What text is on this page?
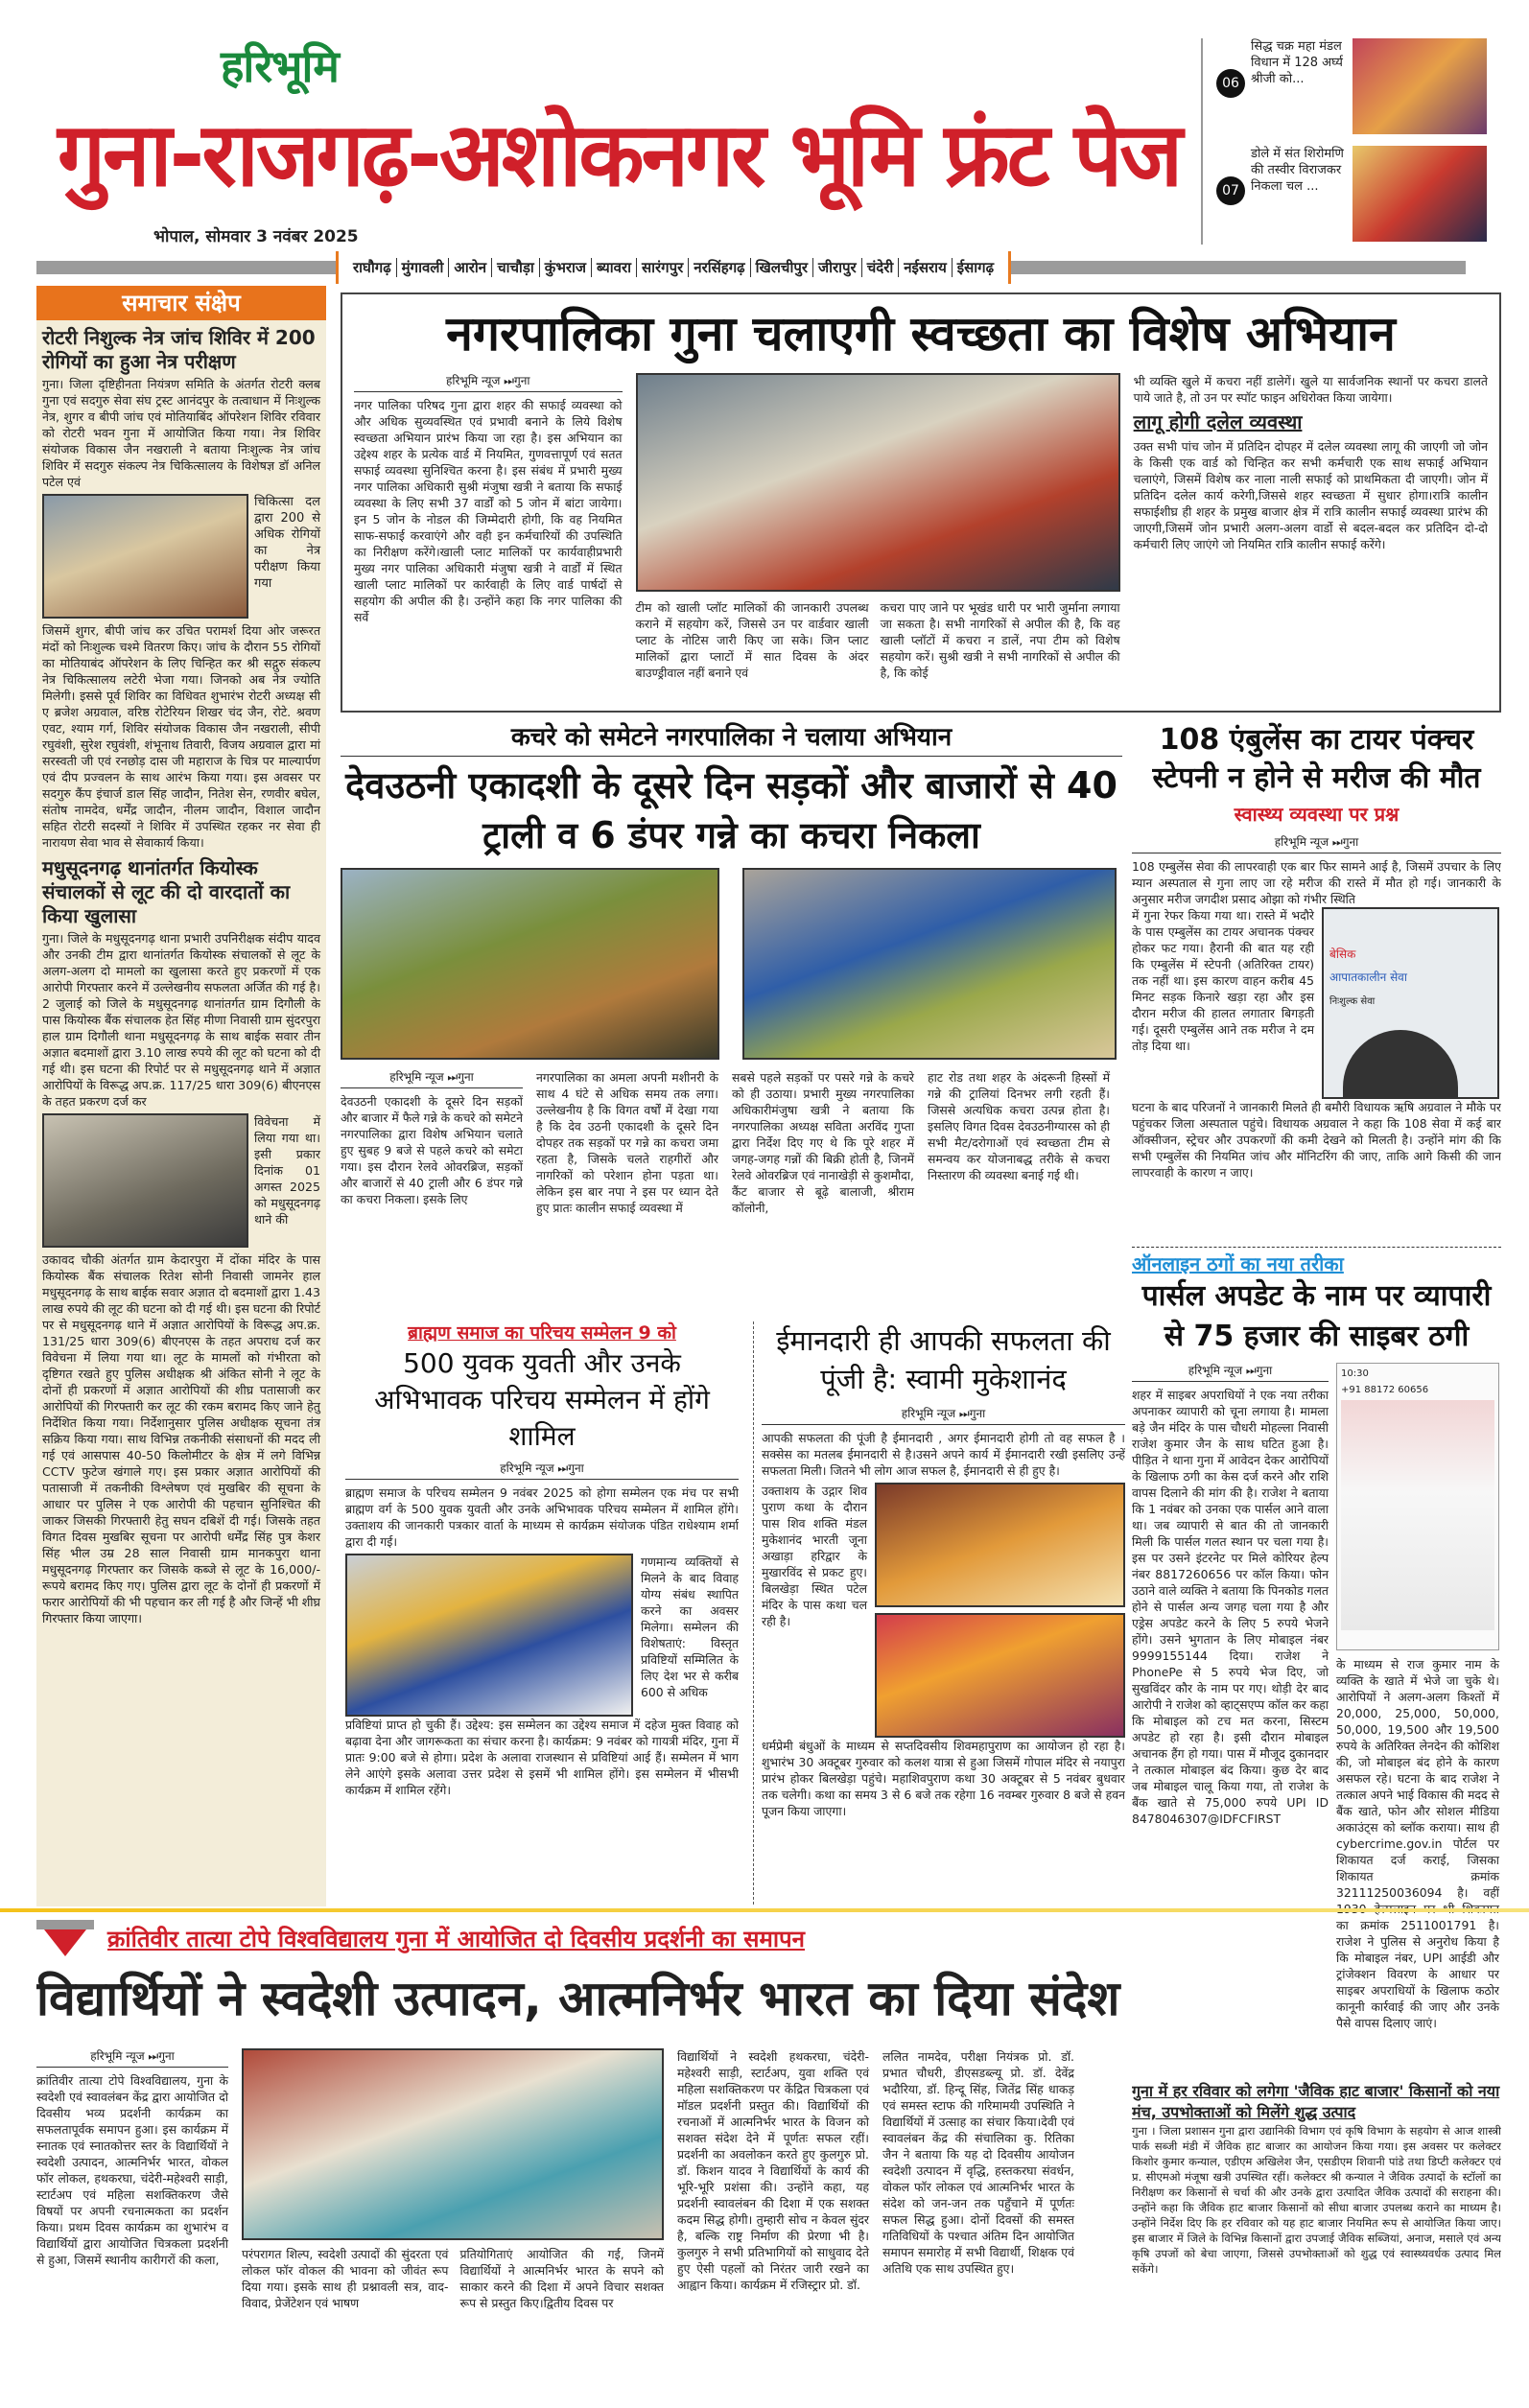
हरिभूमि
गुना-राजगढ़-अशोकनगर भूमि फ्रंट पेज
भोपाल, सोमवार 3 नवंबर 2025
06
सिद्ध चक्र महा मंडल विधान में 128 अर्घ्य श्रीजी को...
07
डोले में संत शिरोमणि की तस्वीर विराजकर निकला चल ...
राघौगढ़ मुंगावली आरोन चाचौड़ा कुंभराज ब्यावरा सारंगपुर नरसिंहगढ़ खिलचीपुर जीरापुर चंदेरी नईसराय ईसागढ़
समाचार संक्षेप
रोटरी निशुल्क नेत्र जांच शिविर में 200 रोगियों का हुआ नेत्र परीक्षण
गुना। जिला दृष्टिहीनता नियंत्रण समिति के अंतर्गत रोटरी क्लब गुना एवं सदगुरु सेवा संघ ट्रस्ट आनंदपुर के तत्वाधान में निःशुल्क नेत्र, शुगर व बीपी जांच एवं मोतियाबिंद ऑपरेशन शिविर रविवार को रोटरी भवन गुना में आयोजित किया गया। नेत्र शिविर संयोजक विकास जैन नखराली ने बताया निःशुल्क नेत्र जांच शिविर में सदगुरु संकल्प नेत्र चिकित्सालय के विशेषज्ञ डॉ अनिल पटेल एवं
चिकित्सा दल द्वारा 200 से अधिक रोगियों का नेत्र परीक्षण किया गया
जिसमें शुगर, बीपी जांच कर उचित परामर्श दिया ओर जरूरत मंदों को निःशुल्क चश्मे वितरण किए। जांच के दौरान 55 रोगियों का मोतियाबंद ऑपरेशन के लिए चिन्हित कर श्री सद्गुरु संकल्प नेत्र चिकित्सालय लटेरी भेजा गया। जिनको अब नेत्र ज्योति मिलेगी। इससे पूर्व शिविर का विधिवत शुभारंभ रोटरी अध्यक्ष सी ए ब्रजेश अग्रवाल, वरिष्ठ रोटेरियन शिखर चंद जैन, रोटे. श्रवण एवट, श्याम गर्ग, शिविर संयोजक विकास जैन नखराली, सीपी रघुवंशी, सुरेश रघुवंशी, शंभूनाथ तिवारी, विजय अग्रवाल द्वारा मां सरस्वती जी एवं रनछोड़ दास जी महाराज के चित्र पर माल्यार्पण एवं दीप प्रज्वलन के साथ आरंभ किया गया। इस अवसर पर सदगुरु कैंप इंचार्ज डाल सिंह जादौन, नितेश सेन, रणवीर बघेल, संतोष नामदेव, धर्मेंद्र जादौन, नीलम जादौन, विशाल जादौन सहित रोटरी सदस्यों ने शिविर में उपस्थित रहकर नर सेवा ही नारायण सेवा भाव से सेवाकार्य किया।
मधुसूदनगढ़ थानांतर्गत कियोस्क संचालकों से लूट की दो वारदातों का किया खुलासा
गुना। जिले के मधुसूदनगढ़ थाना प्रभारी उपनिरीक्षक संदीप यादव और उनकी टीम द्वारा थानांतर्गत कियोस्क संचालकों से लूट के अलग-अलग दो मामलो का खुलासा करते हुए प्रकरणों में एक आरोपी गिरफ्तार करने में उल्लेखनीय सफलता अर्जित की गई है। 2 जुलाई को जिले के मधुसूदनगढ़ थानांतर्गत ग्राम दिगौली के पास कियोस्क बैंक संचालक हेत सिंह मीणा निवासी ग्राम सुंदरपुरा हाल ग्राम दिगौली थाना मधुसूदनगढ़ के साथ बाईक सवार तीन अज्ञात बदमाशों द्वारा 3.10 लाख रुपये की लूट को घटना को दी गई थी। इस घटना की रिपोर्ट पर से मधुसूदनगढ़ थाने में अज्ञात आरोपियों के विरूद्ध अप.क्र. 117/25 धारा 309(6) बीएनएस के तहत प्रकरण दर्ज कर
विवेचना में लिया गया था। इसी प्रकार दिनांक 01 अगस्त 2025 को मधुसूदनगढ़ थाने की
उकावद चौकी अंतर्गत ग्राम केदारपुरा में दोंका मंदिर के पास कियोस्क बैंक संचालक रितेश सोनी निवासी जामनेर हाल मधुसूदनगढ़ के साथ बाईक सवार अज्ञात दो बदमाशों द्वारा 1.43 लाख रुपये की लूट की घटना को दी गई थी। इस घटना की रिपोर्ट पर से मधुसूदनगढ़ थाने में अज्ञात आरोपियों के विरूद्ध अप.क्र. 131/25 धारा 309(6) बीएनएस के तहत अपराध दर्ज कर विवेचना में लिया गया था। लूट के मामलों को गंभीरता को दृष्टिगत रखते हुए पुलिस अधीक्षक श्री अंकित सोनी ने लूट के दोनों ही प्रकरणों में अज्ञात आरोपियों की शीघ्र पतासाजी कर आरोपियों की गिरफ्तारी कर लूट की रकम बरामद किए जाने हेतु निर्देशित किया गया। निर्देशानुसार पुलिस अधीक्षक सूचना तंत्र सक्रिय किया गया। साथ विभिन्न तकनीकी संसाधनों की मदद ली गई एवं आसपास 40-50 किलोमीटर के क्षेत्र में लगे विभिन्न CCTV फुटेज खंगाले गए। इस प्रकार अज्ञात आरोपियों की पतासाजी में तकनीकी विश्लेषण एवं मुखबिर की सूचना के आधार पर पुलिस ने एक आरोपी की पहचान सुनिश्चित की जाकर जिसकी गिरफ्तारी हेतु सघन दबिशें दी गई। जिसके तहत विगत दिवस मुखबिर सूचना पर आरोपी धर्मेंद्र सिंह पुत्र केशर सिंह भील उम्र 28 साल निवासी ग्राम मानकपुरा थाना मधुसूदनगढ़ गिरफ्तार कर जिसके कब्जे से लूट के 16,000/-रूपये बरामद किए गए। पुलिस द्वारा लूट के दोनों ही प्रकरणों में फरार आरोपियों की भी पहचान कर ली गई है और जिन्हें भी शीघ्र गिरफ्तार किया जाएगा।
नगरपालिका गुना चलाएगी स्वच्छता का विशेष अभियान
हरिभूमि न्यूज ⏭गुना
नगर पालिका परिषद गुना द्वारा शहर की सफाई व्यवस्था को और अधिक सुव्यवस्थित एवं प्रभावी बनाने के लिये विशेष स्वच्छता अभियान प्रारंभ किया जा रहा है। इस अभियान का उद्देश्य शहर के प्रत्येक वार्ड में नियमित, गुणवत्तापूर्ण एवं सतत सफाई व्यवस्था सुनिश्चित करना है। इस संबंध में प्रभारी मुख्य नगर पालिका अधिकारी सुश्री मंजुषा खत्री ने बताया कि सफाई व्यवस्था के लिए सभी 37 वार्डों को 5 जोन में बांटा जायेगा। इन 5 जोन के नोडल की जिम्मेदारी होगी, कि वह नियमित साफ-सफाई करवाएंगे और वही इन कर्मचारियों की उपस्थिति का निरीक्षण करेंगे।खाली प्लाट मालिकों पर कार्यवाहीप्रभारी मुख्य नगर पालिका अधिकारी मंजुषा खत्री ने वार्डों में स्थित खाली प्लाट मालिकों पर कार्रवाही के लिए वार्ड पार्षदों से सहयोग की अपील की है। उन्होंने कहा कि नगर पालिका की सर्वे
टीम को खाली प्लॉट मालिकों की जानकारी उपलब्ध कराने में सहयोग करें, जिससे उन पर वार्डवार खाली प्लाट के नोटिस जारी किए जा सके। जिन प्लाट मालिकों द्वारा प्लाटों में सात दिवस के अंदर बाउण्ड्रीवाल नहीं बनाने एवं
कचरा पाए जाने पर भूखंड धारी पर भारी जुर्माना लगाया जा सकता है। सभी नागरिकों से अपील की है, कि वह खाली प्लॉटों में कचरा न डालें, नपा टीम को विशेष सहयोग करें। सुश्री खत्री ने सभी नागरिकों से अपील की है, कि कोई
भी व्यक्ति खुले में कचरा नहीं डालेगें। खुले या सार्वजनिक स्थानों पर कचरा डालते पाये जाते है, तो उन पर स्पॉट फाइन अधिरोक्त किया जायेगा।
लागू होगी दलेल व्यवस्था
उक्त सभी पांच जोन में प्रतिदिन दोपहर में दलेल व्यवस्था लागू की जाएगी जो जोन के किसी एक वार्ड को चिन्हित कर सभी कर्मचारी एक साथ सफाई अभियान चलाएंगे, जिसमें विशेष कर नाला नाली सफाई को प्राथमिकता दी जाएगी। जोन में प्रतिदिन दलेल कार्य करेगी,जिससे शहर स्वच्छता में सुधार होगा।रात्रि कालीन सफाईशीघ्र ही शहर के प्रमुख बाजार क्षेत्र में रात्रि कालीन सफाई व्यवस्था प्रारंभ की जाएगी,जिसमें जोन प्रभारी अलग-अलग वार्डो से बदल-बदल कर प्रतिदिन दो-दो कर्मचारी लिए जाएंगे जो नियमित रात्रि कालीन सफाई करेंगे।
कचरे को समेटने नगरपालिका ने चलाया अभियान
देवउठनी एकादशी के दूसरे दिन सड़कों और बाजारों से 40 ट्राली व 6 डंपर गन्ने का कचरा निकला
हरिभूमि न्यूज ⏭गुना
देवउठनी एकादशी के दूसरे दिन सड़कों और बाजार में फैले गन्ने के कचरे को समेटने नगरपालिका द्वारा विशेष अभियान चलाते हुए सुबह 9 बजे से पहले कचरे को समेटा गया। इस दौरान रेलवे ओवरब्रिज, सड़कों और बाजारों से 40 ट्राली और 6 डंपर गन्ने का कचरा निकला। इसके लिए
नगरपालिका का अमला अपनी मशीनरी के साथ 4 घंटे से अधिक समय तक लगा। उल्लेखनीय है कि विगत वर्षों में देखा गया है कि देव उठनी एकादशी के दूसरे दिन दोपहर तक सड़कों पर गन्ने का कचरा जमा रहता है, जिसके चलते राहगीरों और नागरिकों को परेशान होना पड़ता था। लेकिन इस बार नपा ने इस पर ध्यान देते हुए प्रातः कालीन सफाई व्यवस्था में
सबसे पहले सड़कों पर पसरे गन्ने के कचरे को ही उठाया। प्रभारी मुख्य नगरपालिका अधिकारीमंजुषा खत्री ने बताया कि नगरपालिका अध्यक्ष सविता अरविंद गुप्ता द्वारा निर्देश दिए गए थे कि पूरे शहर में जगह-जगह गन्नों की बिक्री होती है, जिनमें रेलवे ओवरब्रिज एवं नानाखेड़ी से कुशमौदा, कैंट बाजार से बूढ़े बालाजी, श्रीराम कॉलोनी,
हाट रोड तथा शहर के अंदरूनी हिस्सों में गन्ने की ट्रालियां दिनभर लगी रहती हैं। जिससे अत्यधिक कचरा उत्पन्न होता है। इसलिए विगत दिवस देवउठनीग्यारस को ही सभी मैट/दरोगाओं एवं स्वच्छता टीम से समन्वय कर योजनाबद्ध तरीके से कचरा निस्तारण की व्यवस्था बनाई गई थी।
108 एंबुलेंस का टायर पंक्चर स्टेपनी न होने से मरीज की मौत
स्वास्थ्य व्यवस्था पर प्रश्न
हरिभूमि न्यूज ⏭गुना
108 एम्बुलेंस सेवा की लापरवाही एक बार फिर सामने आई है, जिसमें उपचार के लिए म्यान अस्पताल से गुना लाए जा रहे मरीज की रास्ते में मौत हो गई। जानकारी के अनुसार मरीज जगदीश प्रसाद ओझा को गंभीर स्थिति
में गुना रेफर किया गया था। रास्ते में भदौरे के पास एम्बुलेंस का टायर अचानक पंक्चर होकर फट गया। हैरानी की बात यह रही कि एम्बुलेंस में स्टेपनी (अतिरिक्त टायर) तक नहीं था। इस कारण वाहन करीब 45 मिनट सड़क किनारे खड़ा रहा और इस दौरान मरीज की हालत लगातार बिगड़ती गई। दूसरी एम्बुलेंस आने तक मरीज ने दम तोड़ दिया था।
बेसिक
आपातकालीन सेवा
निःशुल्क सेवा
घटना के बाद परिजनों ने जानकारी मिलते ही बमौरी विधायक ऋषि अग्रवाल ने मौके पर पहुंचकर जिला अस्पताल पहुंचे। विधायक अग्रवाल ने कहा कि 108 सेवा में कई बार ऑक्सीजन, स्ट्रेचर और उपकरणों की कमी देखने को मिलती है। उन्होंने मांग की कि सभी एम्बुलेंस की नियमित जांच और मॉनिटरिंग की जाए, ताकि आगे किसी की जान लापरवाही के कारण न जाए।
ऑनलाइन ठगों का नया तरीका
पार्सल अपडेट के नाम पर व्यापारी से 75 हजार की साइबर ठगी
हरिभूमि न्यूज ⏭गुना
शहर में साइबर अपराधियों ने एक नया तरीका अपनाकर व्यापारी को चूना लगाया है। मामला बड़े जैन मंदिर के पास चौधरी मोहल्ला निवासी राजेश कुमार जैन के साथ घटित हुआ है। पीड़ित ने थाना गुना में आवेदन देकर आरोपियों के खिलाफ ठगी का केस दर्ज करने और राशि वापस दिलाने की मांग की है। राजेश ने बताया कि 1 नवंबर को उनका एक पार्सल आने वाला था। जब व्यापारी से बात की तो जानकारी मिली कि पार्सल गलत स्थान पर चला गया है। इस पर उसने इंटरनेट पर मिले कोरियर हेल्प नंबर 8817260656 पर कॉल किया। फोन उठाने वाले व्यक्ति ने बताया कि पिनकोड गलत होने से पार्सल अन्य जगह चला गया है और एड्रेस अपडेट करने के लिए 5 रुपये भेजने होंगे। उसने भुगतान के लिए मोबाइल नंबर 9999155144 दिया। राजेश ने PhonePe से 5 रुपये भेज दिए, जो सुखविंदर कौर के नाम पर गए। थोड़ी देर बाद आरोपी ने राजेश को व्हाट्सएप्प कॉल कर कहा कि मोबाइल को टच मत करना, सिस्टम अपडेट हो रहा है। इसी दौरान मोबाइल अचानक हैंग हो गया। पास में मौजूद दुकानदार ने तत्काल मोबाइल बंद किया। कुछ देर बाद जब मोबाइल चालू किया गया, तो राजेश के बैंक खाते से 75,000 रुपये UPI ID 8478046307@IDFCFIRST
10:30
+91 88172 60656
के माध्यम से राज कुमार नाम के व्यक्ति के खाते में भेजे जा चुके थे। आरोपियों ने अलग-अलग किश्तों में 20,000, 25,000, 50,000, 50,000, 19,500 और 19,500 रुपये के अतिरिक्त लेनदेन की कोशिश की, जो मोबाइल बंद होने के कारण असफल रहे। घटना के बाद राजेश ने तत्काल अपने भाई विकास की मदद से बैंक खाते, फोन और सोशल मीडिया अकाउंट्स को ब्लॉक कराया। साथ ही cybercrime.gov.in पोर्टल पर शिकायत दर्ज कराई, जिसका शिकायत क्रमांक 32111250036094 है। वहीं का क्रमांक 2511001791 है। राजेश ने पुलिस से अनुरोध किया है कि मोबाइल नंबर, UPI आईडी और ट्रांजेक्शन विवरण के आधार पर साइबर अपराधियों के खिलाफ कठोर कानूनी कार्रवाई की जाए और उनके पैसे वापस दिलाए जाएं।
ब्राह्मण समाज का परिचय सम्मेलन 9 को
500 युवक युवती और उनके अभिभावक परिचय सम्मेलन में होंगे शामिल
हरिभूमि न्यूज ⏭गुना
ब्राह्मण समाज के परिचय सम्मेलन 9 नवंबर 2025 को होगा सम्मेलन एक मंच पर सभी ब्राह्मण वर्ग के 500 युवक युवती और उनके अभिभावक परिचय सम्मेलन में शामिल होंगे। उक्ताशय की जानकारी पत्रकार वार्ता के माध्यम से कार्यक्रम संयोजक पंडित राधेश्याम शर्मा द्वारा दी गई।
गणमान्य व्यक्तियों से मिलने के बाद विवाह योग्य संबंध स्थापित करने का अवसर मिलेगा। सम्मेलन की विशेषताएं: विस्तृत प्रविष्टियों सम्मिलित के लिए देश भर से करीब 600 से अधिक
प्रविष्टियां प्राप्त हो चुकी हैं। उद्देश्य: इस सम्मेलन का उद्देश्य समाज में दहेज मुक्त विवाह को बढ़ावा देना और जागरूकता का संचार करना है। कार्यक्रम: 9 नवंबर को गायत्री मंदिर, गुना में प्रातः 9:00 बजे से होगा। प्रदेश के अलावा राजस्थान से प्रविष्टियां आई हैं। सम्मेलन में भाग लेने आएंगे इसके अलावा उत्तर प्रदेश से इसमें भी शामिल होंगे। इस सम्मेलन में भीसभी कार्यक्रम में शामिल रहेंगे।
ईमानदारी ही आपकी सफलता की पूंजी है: स्वामी मुकेशानंद
हरिभूमि न्यूज ⏭गुना
आपकी सफलता की पूंजी है ईमानदारी , अगर ईमानदारी होगी तो वह सफल है । सक्सेस का मतलब ईमानदारी से है।उसने अपने कार्य में ईमानदारी रखी इसलिए उन्हें सफलता मिली। जितने भी लोग आज सफल है, ईमानदारी से ही हुए है।
उक्ताशय के उद्गार शिव पुराण कथा के दौरान पास शिव शक्ति मंडल मुकेशानंद भारती जूना अखाड़ा हरिद्वार के मुखारविंद से प्रकट हुए। बिलखेड़ा स्थित पटेल मंदिर के पास कथा चल रही है।
धर्मप्रेमी बंधुओं के माध्यम से सप्तदिवसीय शिवमहापुराण का आयोजन हो रहा है। शुभारंभ 30 अक्टूबर गुरुवार को कलश यात्रा से हुआ जिसमें गोपाल मंदिर से नयापुरा प्रारंभ होकर बिलखेड़ा पहुंचे। महाशिवपुराण कथा 30 अक्टूबर से 5 नवंबर बुधवार तक चलेगी। कथा का समय 3 से 6 बजे तक रहेगा 16 नवम्बर गुरुवार 8 बजे से हवन पूजन किया जाएगा।
क्रांतिवीर तात्या टोपे विश्वविद्यालय गुना में आयोजित दो दिवसीय प्रदर्शनी का समापन
विद्यार्थियों ने स्वदेशी उत्पादन, आत्मनिर्भर भारत का दिया संदेश
हरिभूमि न्यूज ⏭गुना
क्रांतिवीर तात्या टोपे विश्वविद्यालय, गुना के स्वदेशी एवं स्वावलंबन केंद्र द्वारा आयोजित दो दिवसीय भव्य प्रदर्शनी कार्यक्रम का सफलतापूर्वक समापन हुआ। इस कार्यक्रम में स्नातक एवं स्नातकोत्तर स्तर के विद्यार्थियों ने स्वदेशी उत्पादन, आत्मनिर्भर भारत, वोकल फॉर लोकल, हथकरघा, चंदेरी-महेश्वरी साड़ी, स्टार्टअप एवं महिला सशक्तिकरण जैसे विषयों पर अपनी रचनात्मकता का प्रदर्शन किया। प्रथम दिवस कार्यक्रम का शुभारंभ व विद्यार्थियों द्वारा आयोजित चित्रकला प्रदर्शनी से हुआ, जिसमें स्थानीय कारीगरों की कला,	परंपरागत शिल्प, स्वदेशी उत्पादों की सुंदरता एवं लोकल फॉर वोकल की भावना को जीवंत रूप दिया गया। इसके साथ ही प्रश्नावली सत्र, वाद-विवाद, प्रेजेंटेशन एवं भाषण
प्रतियोगिताएं आयोजित की गई, जिनमें विद्यार्थियों ने आत्मनिर्भर भारत के सपने को साकार करने की दिशा में अपने विचार सशक्त रूप से प्रस्तुत किए।द्वितीय दिवस पर
विद्यार्थियों ने स्वदेशी हथकरघा, चंदेरी-महेश्वरी साड़ी, स्टार्टअप, युवा शक्ति एवं महिला सशक्तिकरण पर केंद्रित चित्रकला एवं मॉडल प्रदर्शनी प्रस्तुत की। विद्यार्थियों की रचनाओं में आत्मनिर्भर भारत के विजन को सशक्त संदेश देने में पूर्णतः सफल रहीं। प्रदर्शनी का अवलोकन करते हुए कुलगुरु प्रो. डॉ. किशन यादव ने विद्यार्थियों के कार्य की भूरि-भूरि प्रशंसा की। उन्होंने कहा, यह प्रदर्शनी स्वावलंबन की दिशा में एक सशक्त कदम सिद्ध होगी। तुम्हारी सोच न केवल सुंदर है, बल्कि राष्ट्र निर्माण की प्रेरणा भी है। कुलगुरु ने सभी प्रतिभागियों को साधुवाद देते हुए ऐसी पहलों को निरंतर जारी रखने का आह्वान किया। कार्यक्रम में रजिस्ट्रार प्रो. डॉ.
ललित नामदेव, परीक्षा नियंत्रक प्रो. डॉ. प्रभात चौधरी, डीएसडब्ल्यू प्रो. डॉ. देवेंद्र भदौरिया, डॉ. हिन्दू सिंह, जितेंद्र सिंह धाकड़ एवं समस्त स्टाफ की गरिमामयी उपस्थिति ने विद्यार्थियों में उत्साह का संचार किया।देवी एवं स्वावलंबन केंद्र की संचालिका कु. रितिका जैन ने बताया कि यह दो दिवसीय आयोजन स्वदेशी उत्पादन में वृद्धि, हस्तकरघा संवर्धन, वोकल फॉर लोकल एवं आत्मनिर्भर भारत के संदेश को जन-जन तक पहुँचाने में पूर्णतः सफल सिद्ध हुआ। दोनों दिवसों की समस्त गतिविधियों के पश्चात अंतिम दिन आयोजित समापन समारोह में सभी विद्यार्थी, शिक्षक एवं अतिथि एक साथ उपस्थित हुए।
गुना में हर रविवार को लगेगा 'जैविक हाट बाजार' किसानों को नया मंच, उपभोक्ताओं को मिलेंगे शुद्ध उत्पाद
गुना । जिला प्रशासन गुना द्वारा उद्यानिकी विभाग एवं कृषि विभाग के सहयोग से आज शास्त्री पार्क सब्जी मंडी में जैविक हाट बाजार का आयोजन किया गया। इस अवसर पर कलेक्टर किशोर कुमार कन्याल, एडीएम अखिलेश जैन, एसडीएम शिवानी पांडे तथा डिप्टी कलेक्टर एवं प्र. सीएमओ मंजूषा खत्री उपस्थित रहीं। कलेक्टर श्री कन्याल ने जैविक उत्पादों के स्टॉलों का निरीक्षण कर किसानों से चर्चा की और उनके द्वारा उत्पादित जैविक उत्पादों की सराहना की। उन्होंने कहा कि जैविक हाट बाजार किसानों को सीधा बाजार उपलब्ध कराने का माध्यम है। उन्होंने निर्देश दिए कि हर रविवार को यह हाट बाजार नियमित रूप से आयोजित किया जाए। इस बाजार में जिले के विभिन्न किसानों द्वारा उपजाई जैविक सब्जियां, अनाज, मसाले एवं अन्य कृषि उपजों को बेचा जाएगा, जिससे उपभोक्ताओं को शुद्ध एवं स्वास्थ्यवर्धक उत्पाद मिल सकेंगे।
